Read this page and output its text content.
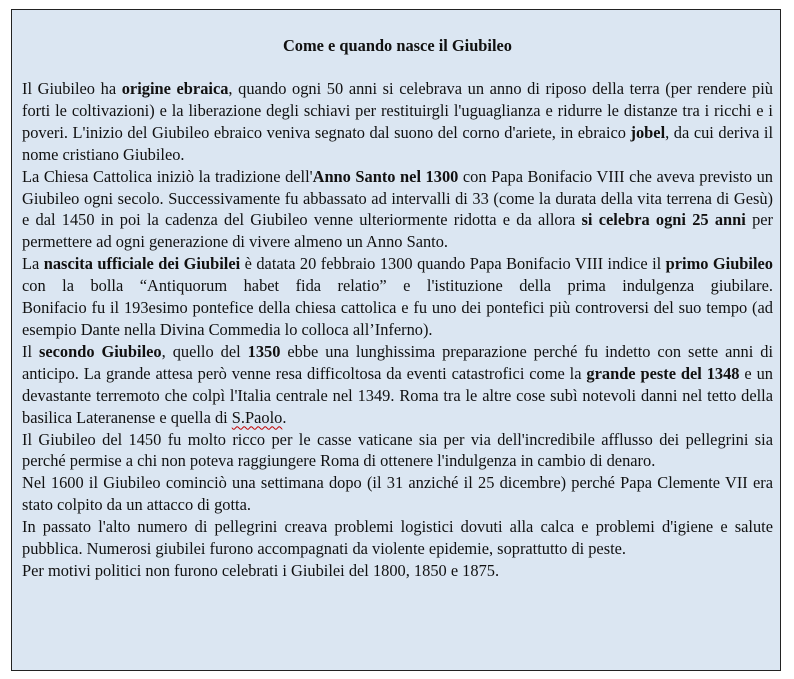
Come e quando nasce il Giubileo

Il Giubileo ha origine ebraica, quando ogni 50 anni si celebrava un anno di riposo della terra (per rendere più forti le coltivazioni) e la liberazione degli schiavi per restituirgli l'uguaglianza e ridurre le distanze tra i ricchi e i poveri. L'inizio del Giubileo ebraico veniva segnato dal suono del corno d'ariete, in ebraico jobel, da cui deriva il nome cristiano Giubileo.

La Chiesa Cattolica iniziò la tradizione dell'Anno Santo nel 1300 con Papa Bonifacio VIII che aveva previsto un Giubileo ogni secolo. Successivamente fu abbassato ad intervalli di 33 (come la durata della vita terrena di Gesù) e dal 1450 in poi la cadenza del Giubileo venne ulteriormente ridotta e da allora si celebra ogni 25 anni per permettere ad ogni generazione di vivere almeno un Anno Santo.

La nascita ufficiale dei Giubilei è datata 20 febbraio 1300 quando Papa Bonifacio VIII indice il primo Giubileo con la bolla “Antiquorum habet fida relatio” e l'istituzione della prima indulgenza giubilare.

Bonifacio fu il 193esimo pontefice della chiesa cattolica e fu uno dei pontefici più controversi del suo tempo (ad esempio Dante nella Divina Commedia lo colloca all’Inferno).

Il secondo Giubileo, quello del 1350 ebbe una lunghissima preparazione perché fu indetto con sette anni di anticipo. La grande attesa però venne resa difficoltosa da eventi catastrofici come la grande peste del 1348 e un devastante terremoto che colpì l'Italia centrale nel 1349. Roma tra le altre cose subì notevoli danni nel tetto della basilica Lateranense e quella di S.Paolo.

Il Giubileo del 1450 fu molto ricco per le casse vaticane sia per via dell'incredibile afflusso dei pellegrini sia perché permise a chi non poteva raggiungere Roma di ottenere l'indulgenza in cambio di denaro.

Nel 1600 il Giubileo cominciò una settimana dopo (il 31 anziché il 25 dicembre) perché Papa Clemente VII era stato colpito da un attacco di gotta.

In passato l'alto numero di pellegrini creava problemi logistici dovuti alla calca e problemi d'igiene e salute pubblica. Numerosi giubilei furono accompagnati da violente epidemie, soprattutto di peste.

Per motivi politici non furono celebrati i Giubilei del 1800, 1850 e 1875.
